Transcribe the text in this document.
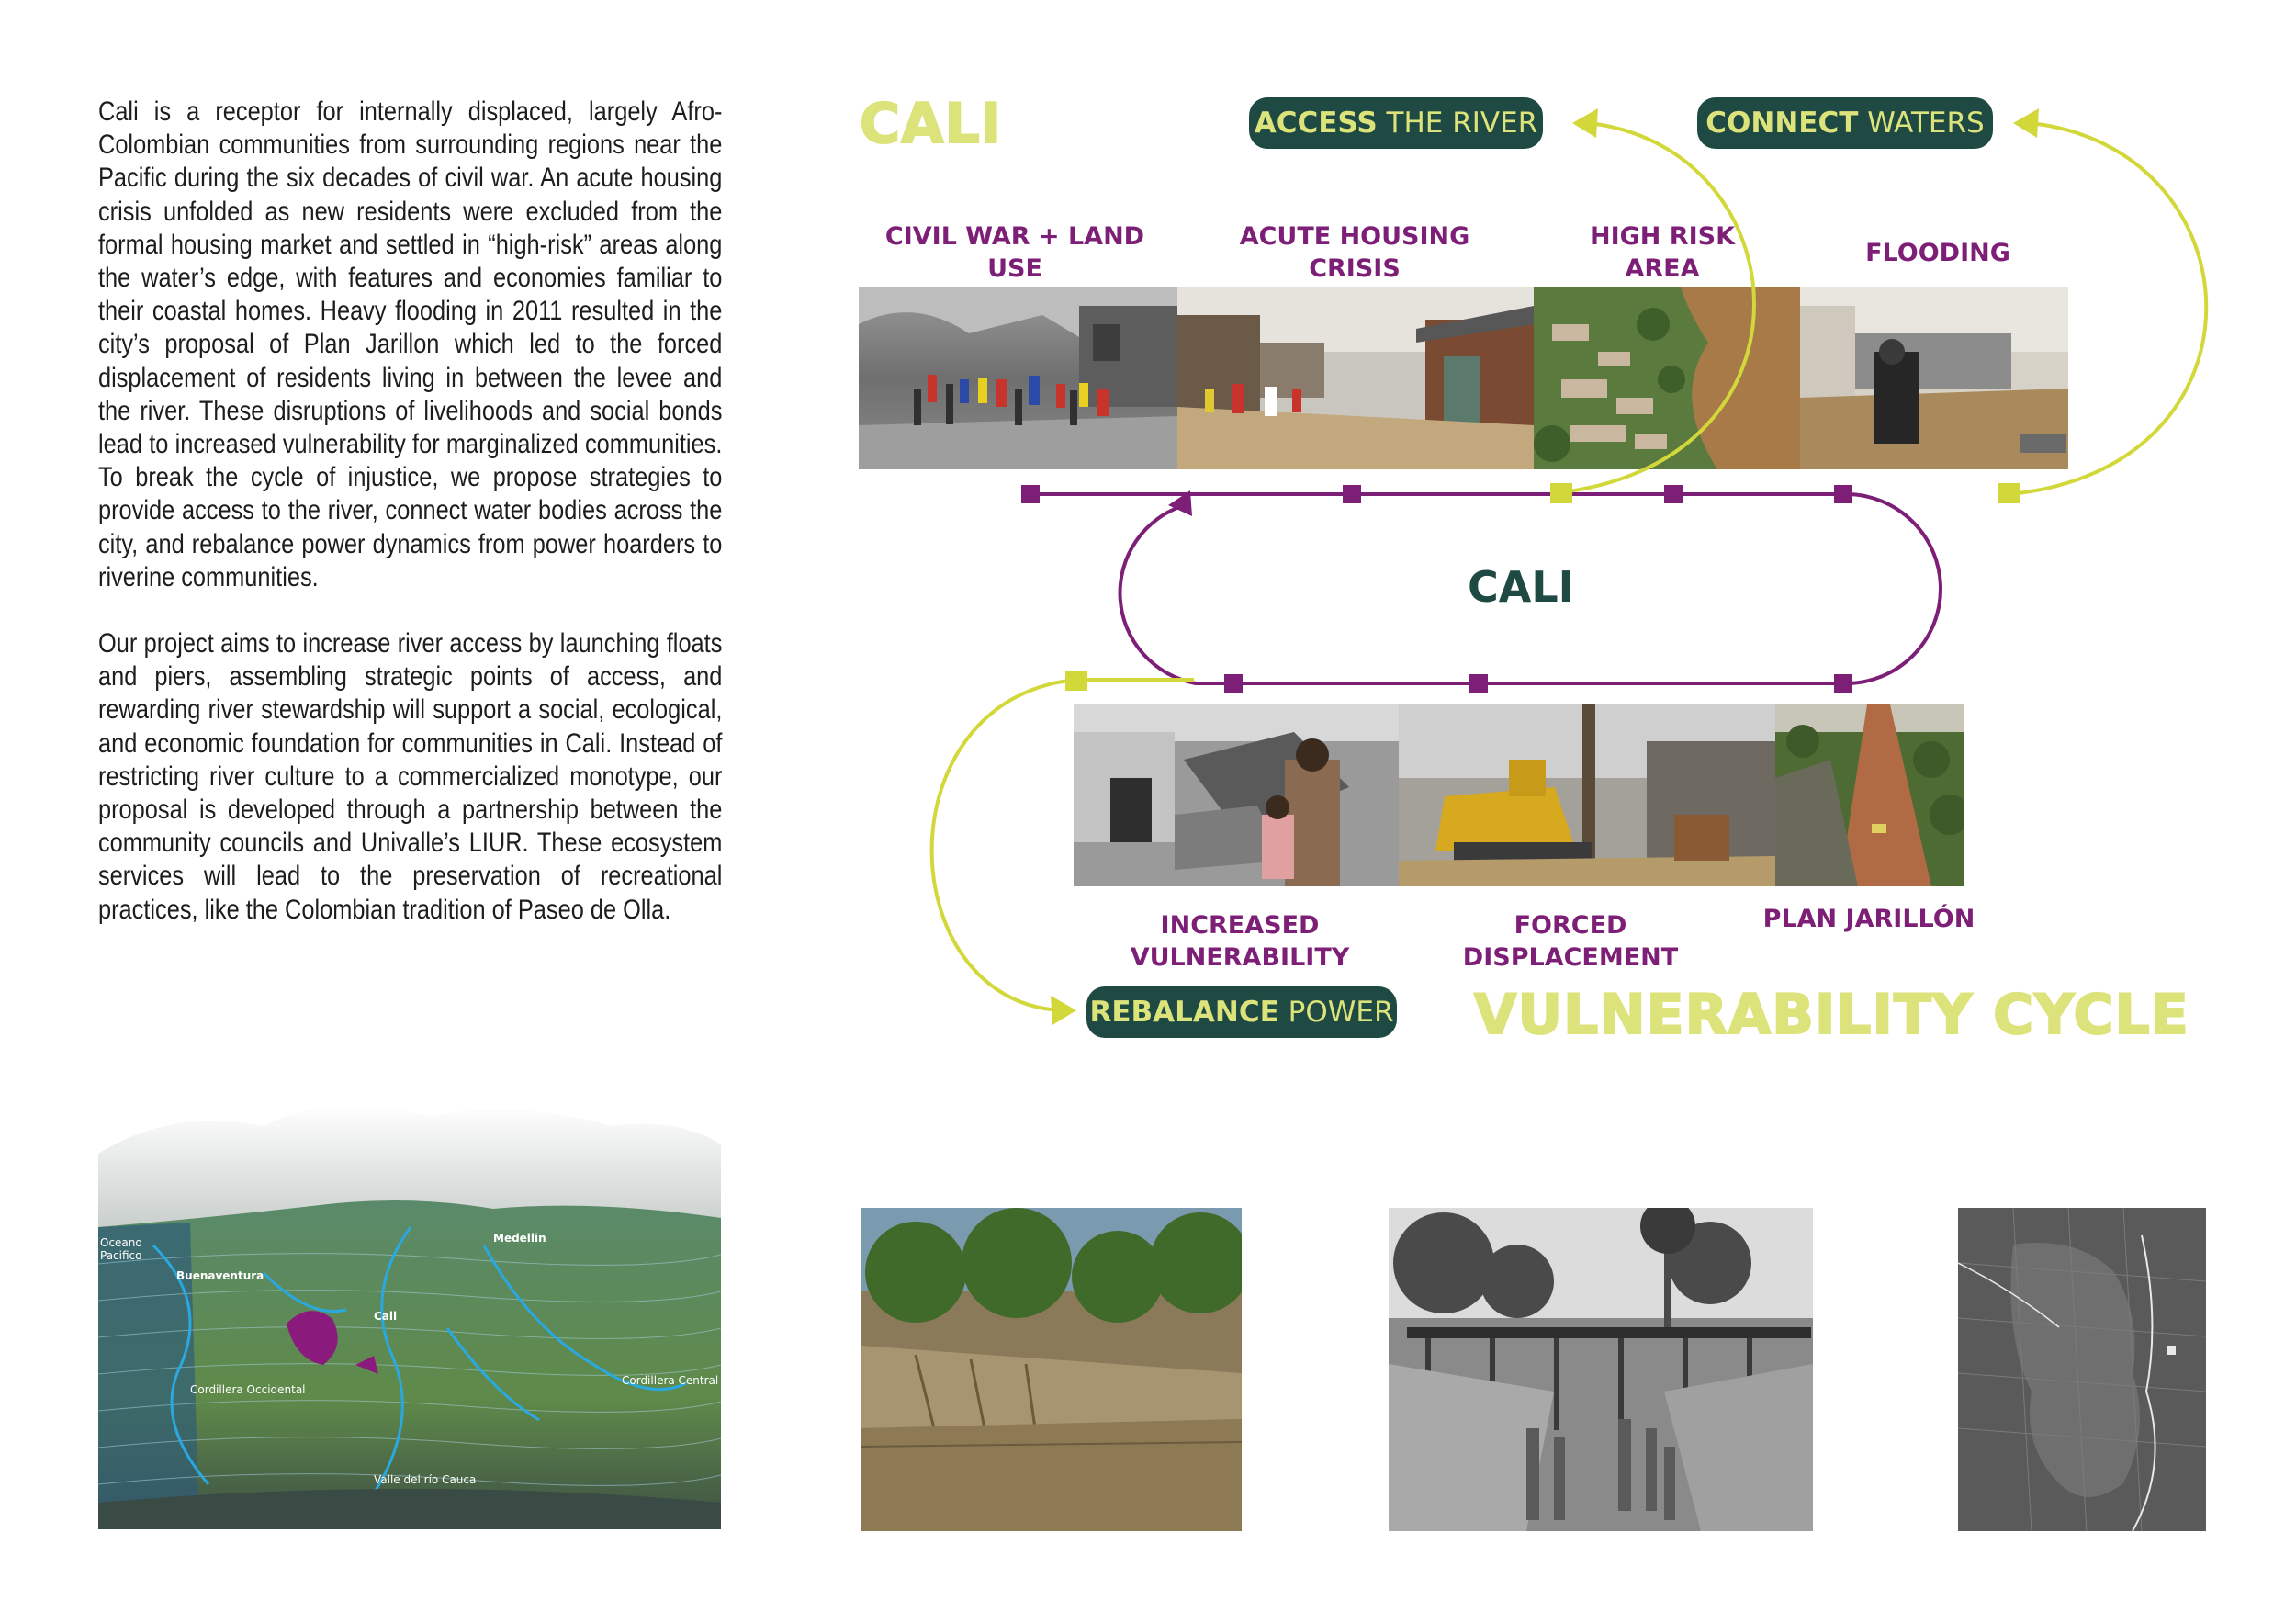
Cali is a receptor for internally displaced, largely Afro-Colombian communities from surrounding regions near the Pacific during the six decades of civil war. An acute housing crisis unfolded as new residents were excluded from the formal housing market and settled in “high-risk” areas along the water’s edge, with features and economies familiar to their coastal homes. Heavy flooding in 2011 resulted in the city’s proposal of Plan Jarillon which led to the forced displacement of residents living in between the levee and the river. These disruptions of livelihoods and social bonds lead to increased vulnerability for marginalized communities. To break the cycle of injustice, we propose strategies to provide access to the river, connect water bodies across the city, and rebalance power dynamics from power hoarders to riverine communities.

Our project aims to increase river access by launching floats and piers, assembling strategic points of access, and rewarding river stewardship will support a social, ecological, and economic foundation for communities in Cali. Instead of restricting river culture to a commercialized monotype, our proposal is developed through a partnership between the community councils and Univalle’s LIUR. These ecosystem services will lead to the preservation of recreational practices, like the Colombian tradition of Paseo de Olla.

CALI
VULNERABILITY CYCLE
ACCESS THE RIVER	CONNECT WATERS
REBALANCE POWER
CIVIL WAR + LAND USE
ACUTE HOUSING
CRISIS
HIGH RISK
AREA
FLOODING
INCREASED
VULNERABILITY
FORCED
DISPLACEMENT
PLAN JARILLÓN
CALI
Oceano
Pacifico
Buenaventura
Medellin
Cali
Cordillera Occidental
Cordillera Central
Valle del río Cauca
